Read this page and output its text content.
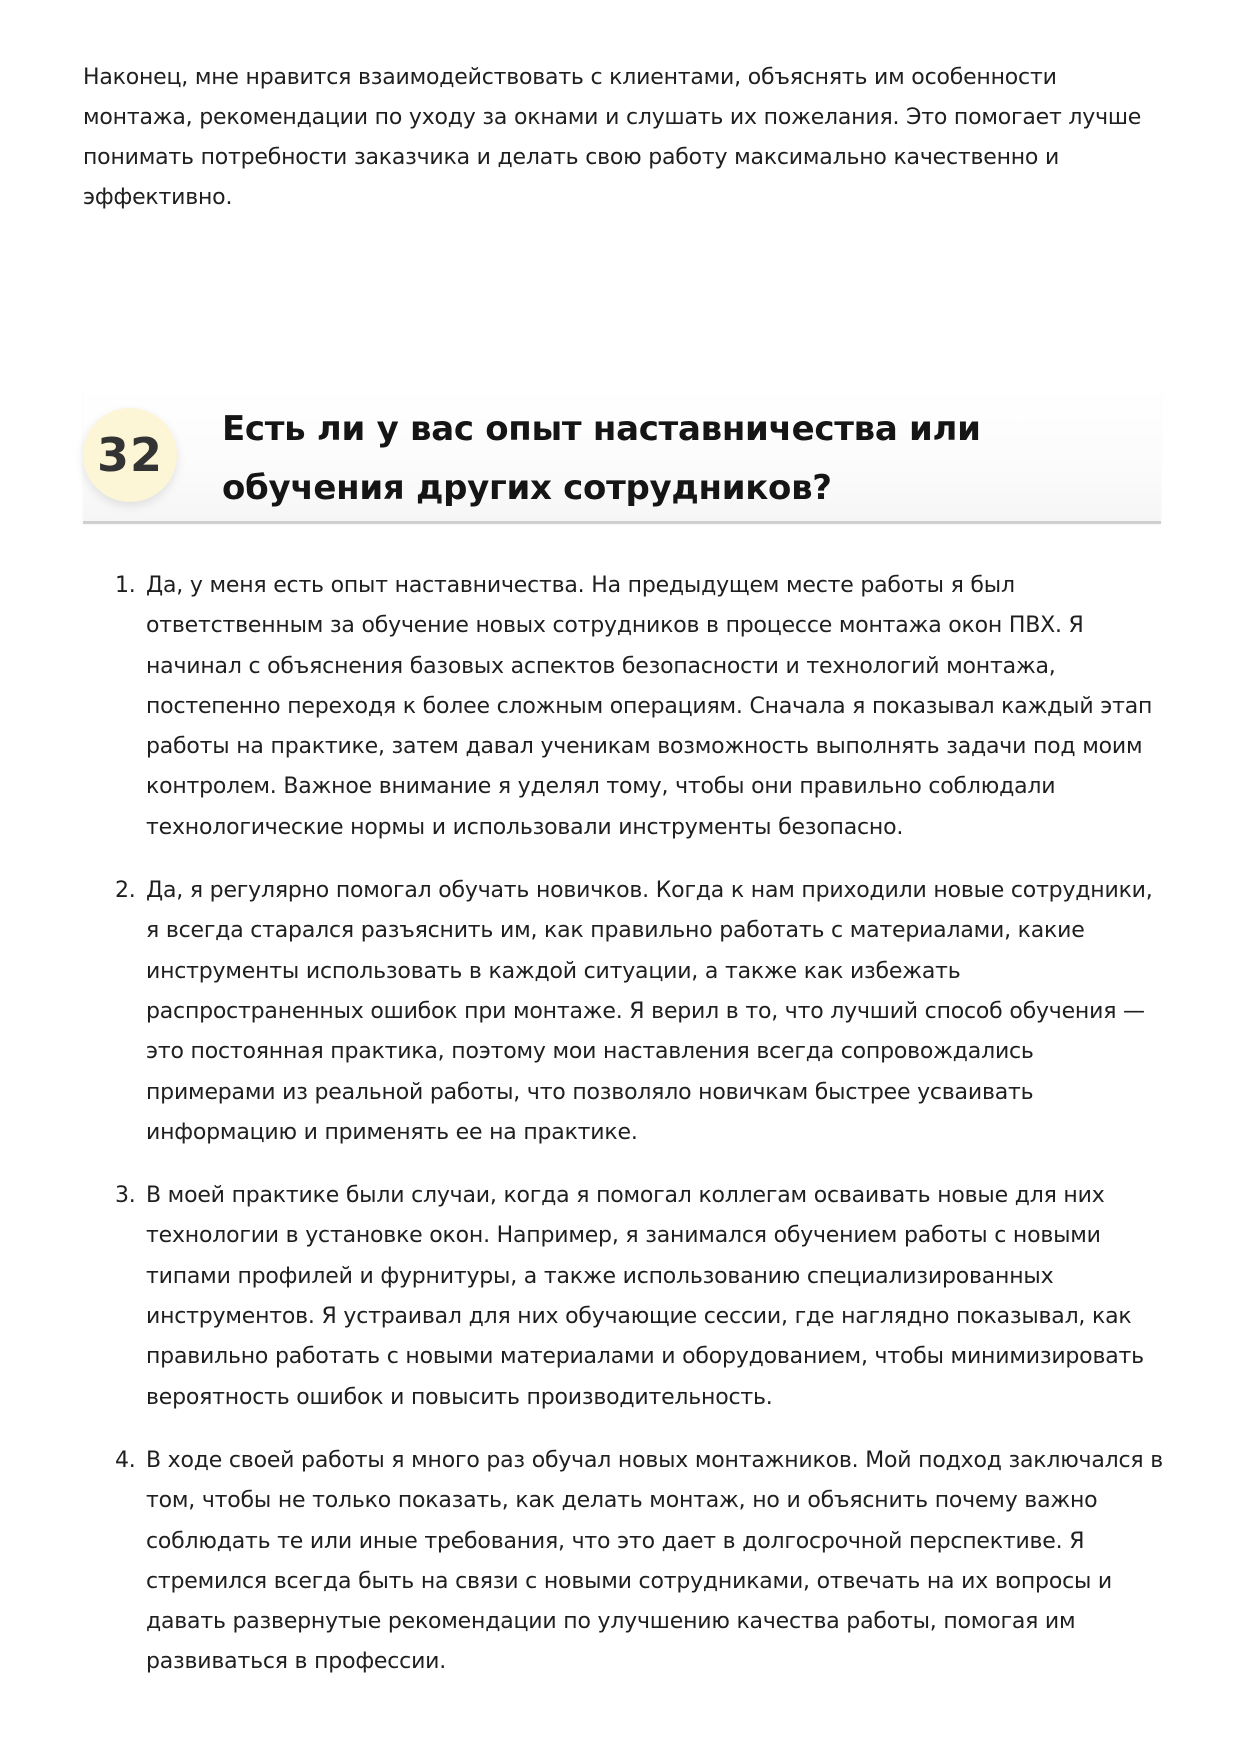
Наконец, мне нравится взаимодействовать с клиентами, объяснять им особенности монтажа, рекомендации по уходу за окнами и слушать их пожелания. Это помогает лучше понимать потребности заказчика и делать свою работу максимально качественно и эффективно.

32	Есть ли у вас опыт наставничества или обучения других сотрудников?
1. Да, у меня есть опыт наставничества. На предыдущем месте работы я был ответственным за обучение новых сотрудников в процессе монтажа окон ПВХ. Я начинал с объяснения базовых аспектов безопасности и технологий монтажа, постепенно переходя к более сложным операциям. Сначала я показывал каждый этап работы на практике, затем давал ученикам возможность выполнять задачи под моим контролем. Важное внимание я уделял тому, чтобы они правильно соблюдали технологические нормы и использовали инструменты безопасно.
2. Да, я регулярно помогал обучать новичков. Когда к нам приходили новые сотрудники, я всегда старался разъяснить им, как правильно работать с материалами, какие инструменты использовать в каждой ситуации, а также как избежать распространенных ошибок при монтаже. Я верил в то, что лучший способ обучения — это постоянная практика, поэтому мои наставления всегда сопровождались примерами из реальной работы, что позволяло новичкам быстрее усваивать информацию и применять ее на практике.
3. В моей практике были случаи, когда я помогал коллегам осваивать новые для них технологии в установке окон. Например, я занимался обучением работы с новыми типами профилей и фурнитуры, а также использованию специализированных инструментов. Я устраивал для них обучающие сессии, где наглядно показывал, как правильно работать с новыми материалами и оборудованием, чтобы минимизировать вероятность ошибок и повысить производительность.
4. В ходе своей работы я много раз обучал новых монтажников. Мой подход заключался в том, чтобы не только показать, как делать монтаж, но и объяснить почему важно соблюдать те или иные требования, что это дает в долгосрочной перспективе. Я стремился всегда быть на связи с новыми сотрудниками, отвечать на их вопросы и давать развернутые рекомендации по улучшению качества работы, помогая им развиваться в профессии.
